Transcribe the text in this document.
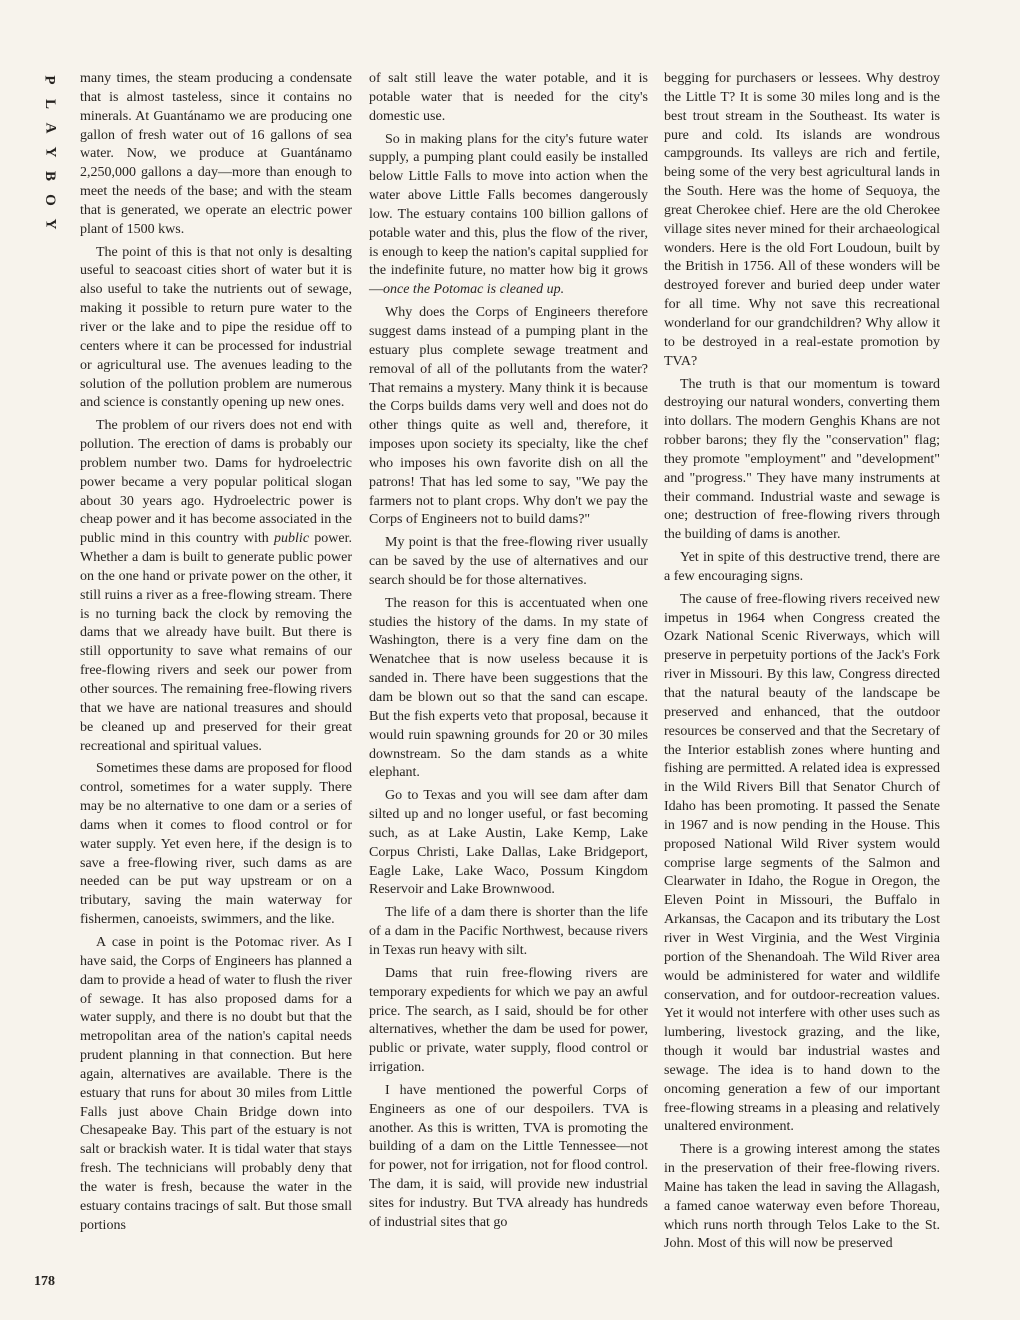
P
L
A
Y
B
O
Y
178

many times, the steam producing a condensate that is almost tasteless, since it contains no minerals. At Guantánamo we are producing one gallon of fresh water out of 16 gallons of sea water. Now, we produce at Guantánamo 2,250,000 gallons a day—more than enough to meet the needs of the base; and with the steam that is generated, we operate an electric power plant of 1500 kws.

The point of this is that not only is desalting useful to seacoast cities short of water but it is also useful to take the nutrients out of sewage, making it possible to return pure water to the river or the lake and to pipe the residue off to centers where it can be processed for industrial or agricultural use. The avenues leading to the solution of the pollution problem are numerous and science is constantly opening up new ones.

The problem of our rivers does not end with pollution. The erection of dams is probably our problem number two. Dams for hydroelectric power became a very popular political slogan about 30 years ago. Hydroelectric power is cheap power and it has become associated in the public mind in this country with public power. Whether a dam is built to generate public power on the one hand or private power on the other, it still ruins a river as a free-flowing stream. There is no turning back the clock by removing the dams that we already have built. But there is still opportunity to save what remains of our free-flowing rivers and seek our power from other sources. The remaining free-flowing rivers that we have are national treasures and should be cleaned up and preserved for their great recreational and spiritual values.

Sometimes these dams are proposed for flood control, sometimes for a water supply. There may be no alternative to one dam or a series of dams when it comes to flood control or for water supply. Yet even here, if the design is to save a free-flowing river, such dams as are needed can be put way upstream or on a tributary, saving the main waterway for fishermen, canoeists, swimmers, and the like.

A case in point is the Potomac river. As I have said, the Corps of Engineers has planned a dam to provide a head of water to flush the river of sewage. It has also proposed dams for a water supply, and there is no doubt but that the metropolitan area of the nation's capital needs prudent planning in that connection. But here again, alternatives are available. There is the estuary that runs for about 30 miles from Little Falls just above Chain Bridge down into Chesapeake Bay. This part of the estuary is not salt or brackish water. It is tidal water that stays fresh. The technicians will probably deny that the water is fresh, because the water in the estuary contains tracings of salt. But those small portions

of salt still leave the water potable, and it is potable water that is needed for the city's domestic use.

So in making plans for the city's future water supply, a pumping plant could easily be installed below Little Falls to move into action when the water above Little Falls becomes dangerously low. The estuary contains 100 billion gallons of potable water and this, plus the flow of the river, is enough to keep the nation's capital supplied for the indefinite future, no matter how big it grows—once the Potomac is cleaned up.

Why does the Corps of Engineers therefore suggest dams instead of a pumping plant in the estuary plus complete sewage treatment and removal of all of the pollutants from the water? That remains a mystery. Many think it is because the Corps builds dams very well and does not do other things quite as well and, therefore, it imposes upon society its specialty, like the chef who imposes his own favorite dish on all the patrons! That has led some to say, "We pay the farmers not to plant crops. Why don't we pay the Corps of Engineers not to build dams?"

My point is that the free-flowing river usually can be saved by the use of alternatives and our search should be for those alternatives.

The reason for this is accentuated when one studies the history of the dams. In my state of Washington, there is a very fine dam on the Wenatchee that is now useless because it is sanded in. There have been suggestions that the dam be blown out so that the sand can escape. But the fish experts veto that proposal, because it would ruin spawning grounds for 20 or 30 miles downstream. So the dam stands as a white elephant.

Go to Texas and you will see dam after dam silted up and no longer useful, or fast becoming such, as at Lake Austin, Lake Kemp, Lake Corpus Christi, Lake Dallas, Lake Bridgeport, Eagle Lake, Lake Waco, Possum Kingdom Reservoir and Lake Brownwood.

The life of a dam there is shorter than the life of a dam in the Pacific Northwest, because rivers in Texas run heavy with silt.

Dams that ruin free-flowing rivers are temporary expedients for which we pay an awful price. The search, as I said, should be for other alternatives, whether the dam be used for power, public or private, water supply, flood control or irrigation.

I have mentioned the powerful Corps of Engineers as one of our despoilers. TVA is another. As this is written, TVA is promoting the building of a dam on the Little Tennessee—not for power, not for irrigation, not for flood control. The dam, it is said, will provide new industrial sites for industry. But TVA already has hundreds of industrial sites that go

begging for purchasers or lessees. Why destroy the Little T? It is some 30 miles long and is the best trout stream in the Southeast. Its water is pure and cold. Its islands are wondrous campgrounds. Its valleys are rich and fertile, being some of the very best agricultural lands in the South. Here was the home of Sequoya, the great Cherokee chief. Here are the old Cherokee village sites never mined for their archaeological wonders. Here is the old Fort Loudoun, built by the British in 1756. All of these wonders will be destroyed forever and buried deep under water for all time. Why not save this recreational wonderland for our grandchildren? Why allow it to be destroyed in a real-estate promotion by TVA?

The truth is that our momentum is toward destroying our natural wonders, converting them into dollars. The modern Genghis Khans are not robber barons; they fly the "conservation" flag; they promote "employment" and "development" and "progress." They have many instruments at their command. Industrial waste and sewage is one; destruction of free-flowing rivers through the building of dams is another.

Yet in spite of this destructive trend, there are a few encouraging signs.

The cause of free-flowing rivers received new impetus in 1964 when Congress created the Ozark National Scenic Riverways, which will preserve in perpetuity portions of the Jack's Fork river in Missouri. By this law, Congress directed that the natural beauty of the landscape be preserved and enhanced, that the outdoor resources be conserved and that the Secretary of the Interior establish zones where hunting and fishing are permitted. A related idea is expressed in the Wild Rivers Bill that Senator Church of Idaho has been promoting. It passed the Senate in 1967 and is now pending in the House. This proposed National Wild River system would comprise large segments of the Salmon and Clearwater in Idaho, the Rogue in Oregon, the Eleven Point in Missouri, the Buffalo in Arkansas, the Cacapon and its tributary the Lost river in West Virginia, and the West Virginia portion of the Shenandoah. The Wild River area would be administered for water and wildlife conservation, and for outdoor-recreation values. Yet it would not interfere with other uses such as lumbering, livestock grazing, and the like, though it would bar industrial wastes and sewage. The idea is to hand down to the oncoming generation a few of our important free-flowing streams in a pleasing and relatively unaltered environment.

There is a growing interest among the states in the preservation of their free-flowing rivers. Maine has taken the lead in saving the Allagash, a famed canoe waterway even before Thoreau, which runs north through Telos Lake to the St. John. Most of this will now be preserved
